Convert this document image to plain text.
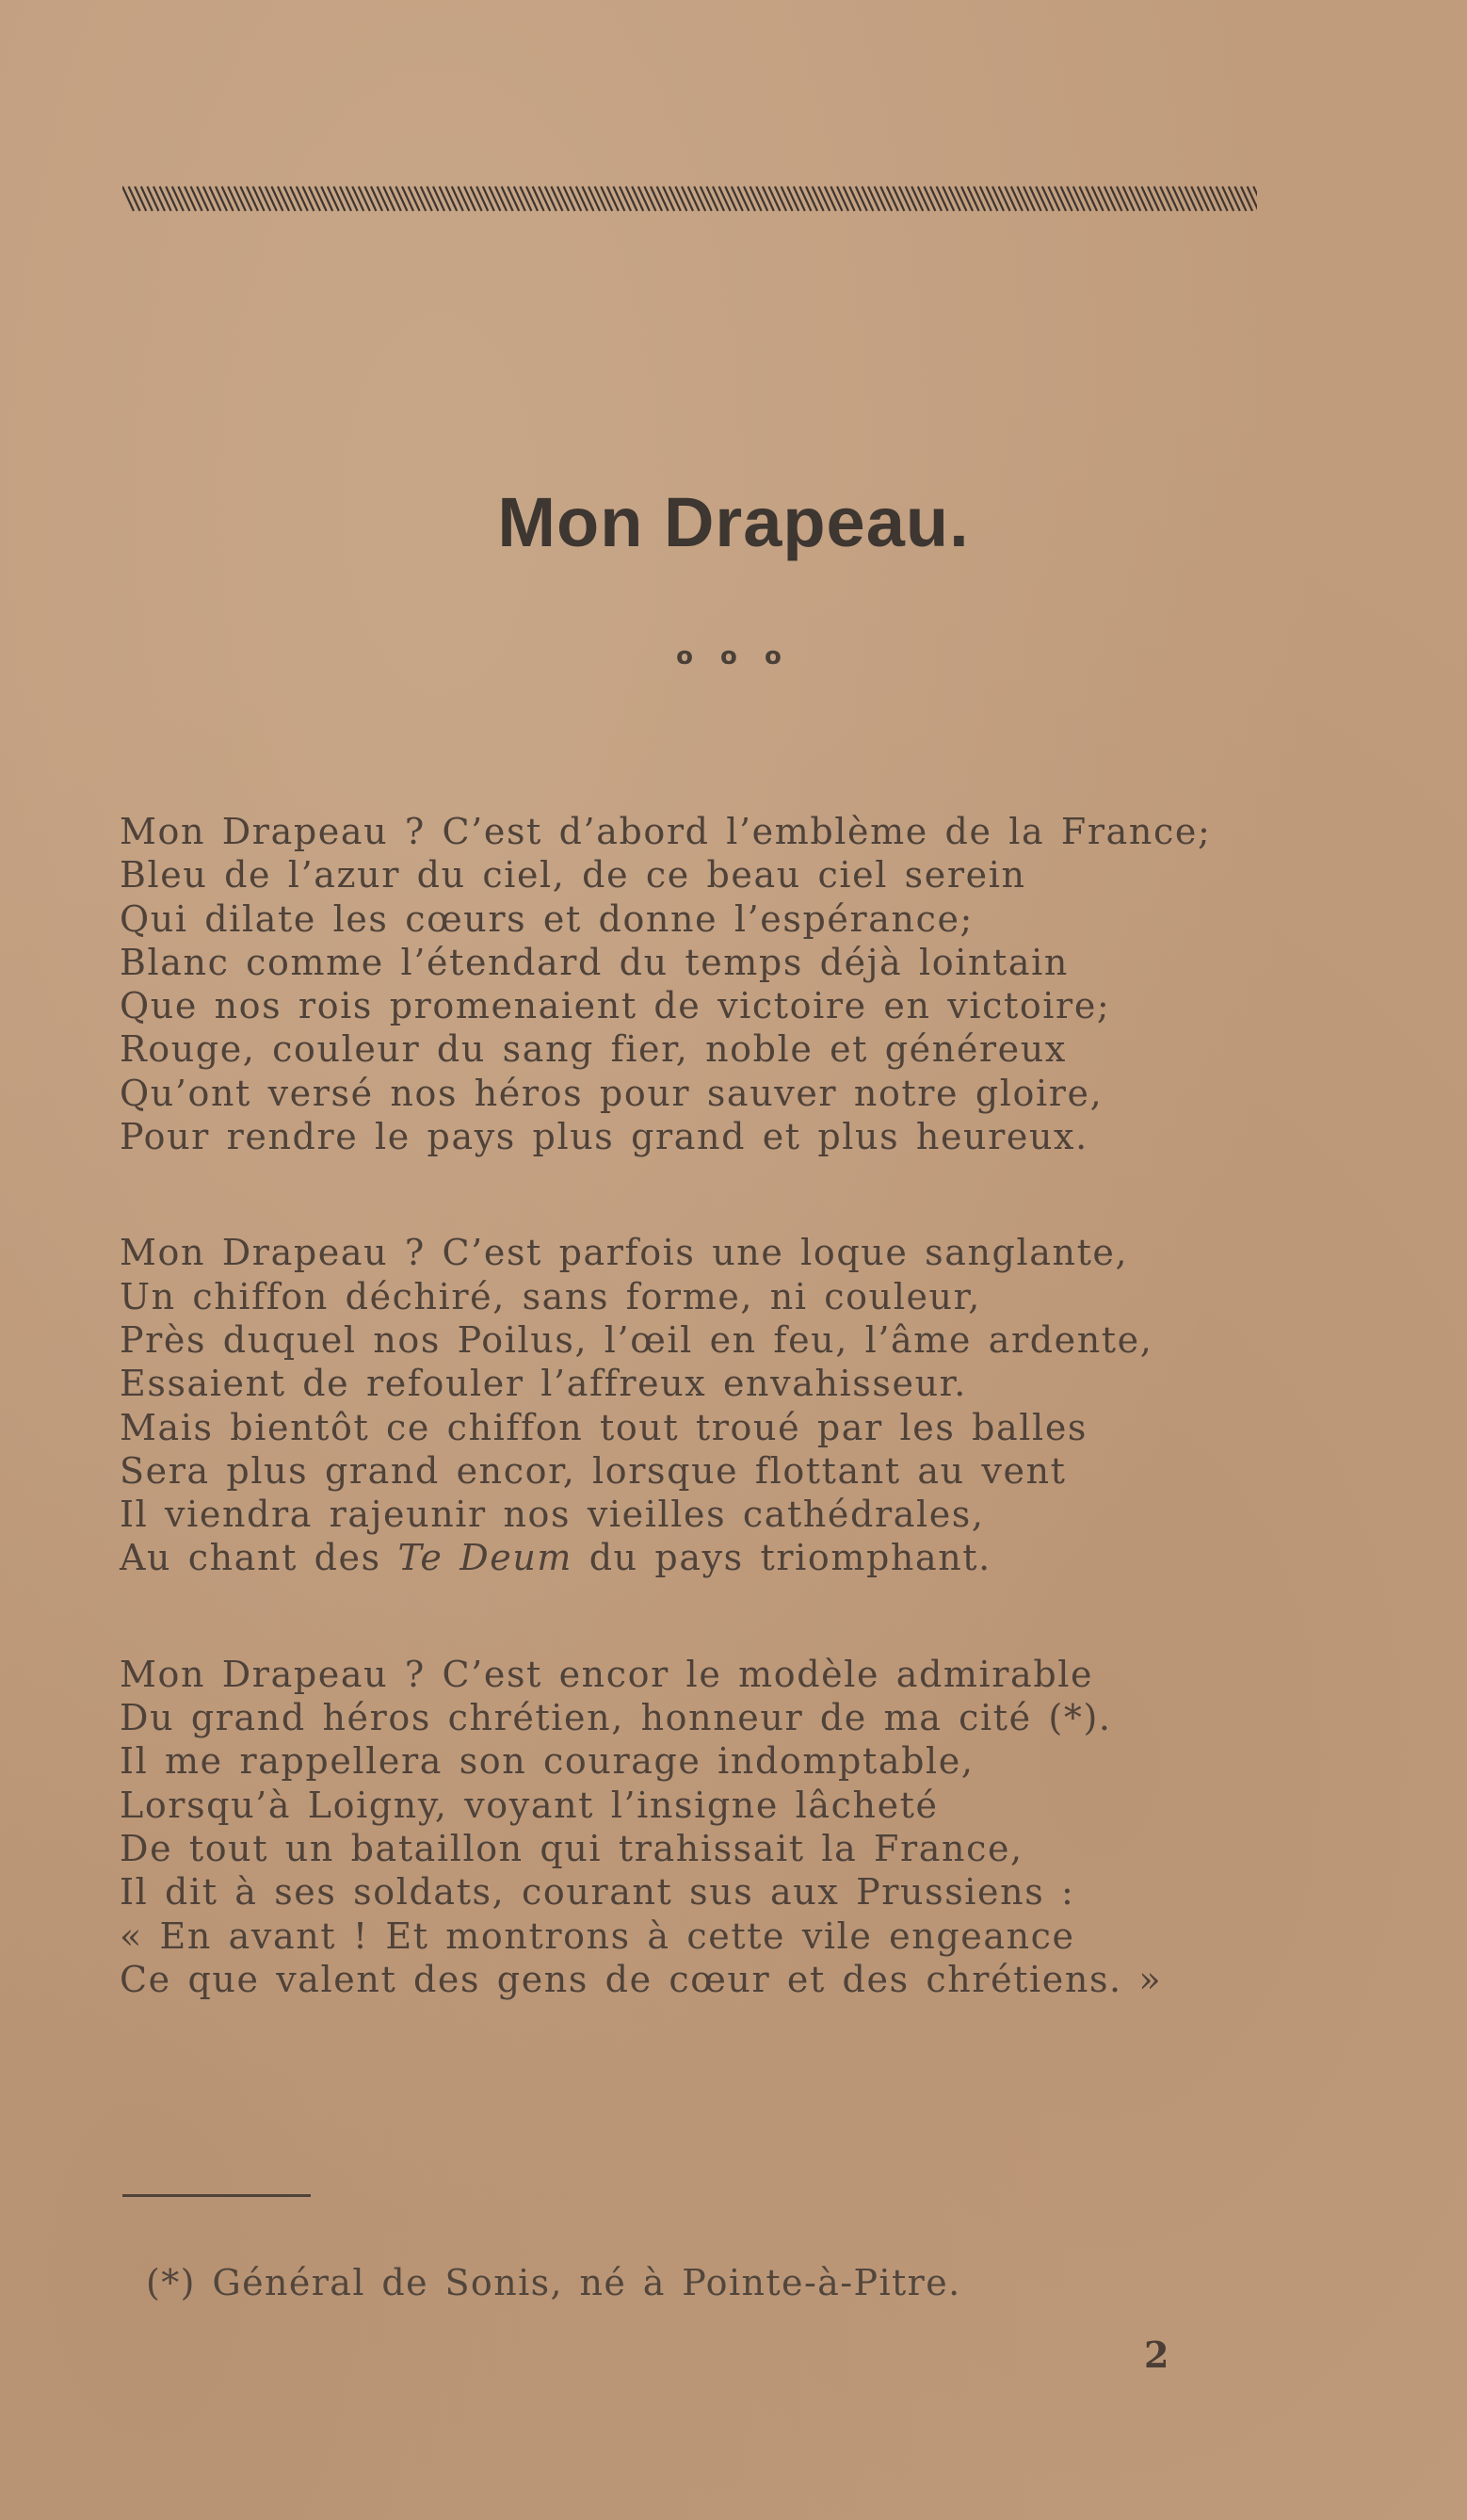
Mon Drapeau.
o o o
Mon Drapeau ? C’est d’abord l’emblème de la France;
Bleu de l’azur du ciel, de ce beau ciel serein
Qui dilate les cœurs et donne l’espérance;
Blanc comme l’étendard du temps déjà lointain
Que nos rois promenaient de victoire en victoire;
Rouge, couleur du sang fier, noble et généreux
Qu’ont versé nos héros pour sauver notre gloire,
Pour rendre le pays plus grand et plus heureux.
Mon Drapeau ? C’est parfois une loque sanglante,
Un chiffon déchiré, sans forme, ni couleur,
Près duquel nos Poilus, l’œil en feu, l’âme ardente,
Essaient de refouler l’affreux envahisseur.
Mais bientôt ce chiffon tout troué par les balles
Sera plus grand encor, lorsque flottant au vent
Il viendra rajeunir nos vieilles cathédrales,
Au chant des Te Deum du pays triomphant.
Mon Drapeau ? C’est encor le modèle admirable
Du grand héros chrétien, honneur de ma cité (*).
Il me rappellera son courage indomptable,
Lorsqu’à Loigny, voyant l’insigne lâcheté
De tout un bataillon qui trahissait la France,
Il dit à ses soldats, courant sus aux Prussiens :
« En avant ! Et montrons à cette vile engeance
Ce que valent des gens de cœur et des chrétiens. »
(*) Général de Sonis, né à Pointe-à-Pitre.
2
